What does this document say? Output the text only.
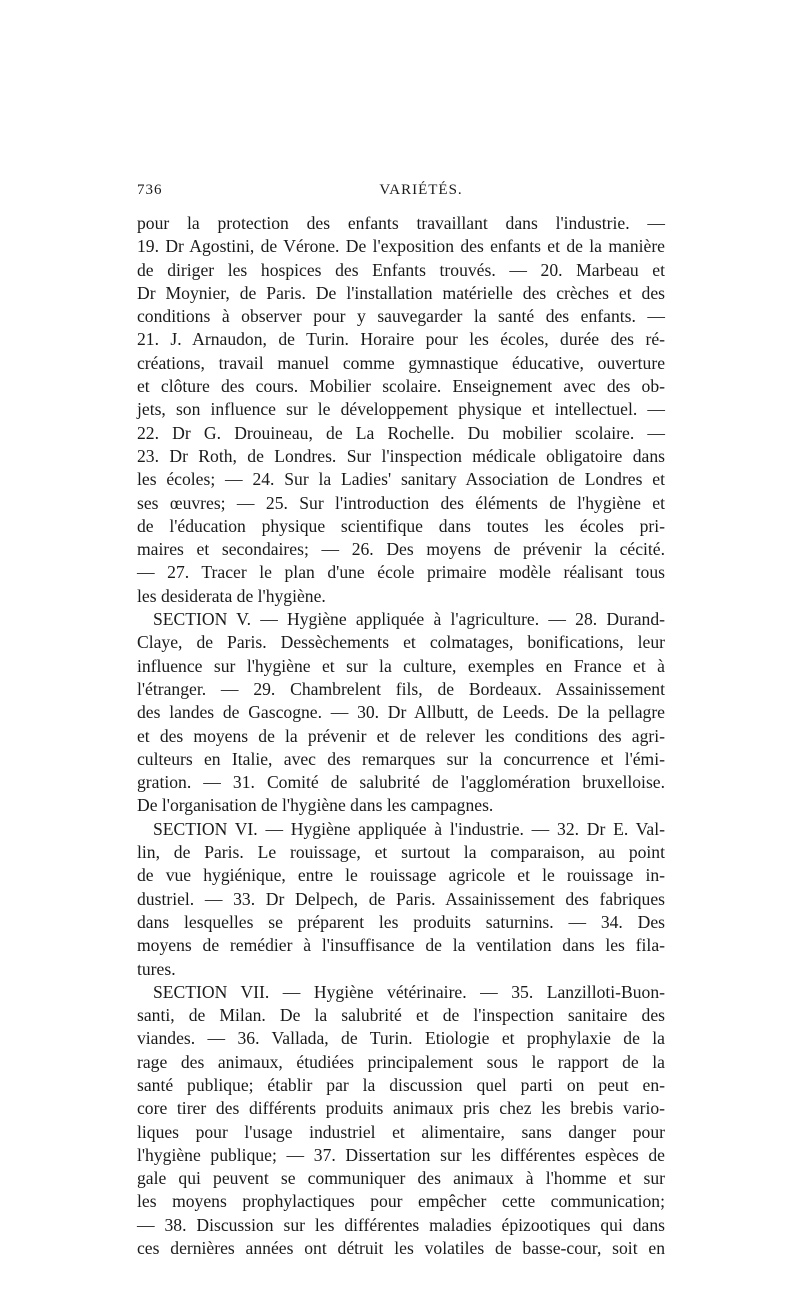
736	VARIÉTÉS.
pour la protection des enfants travaillant dans l'industrie. —
19. Dr Agostini, de Vérone. De l'exposition des enfants et de la manière
de diriger les hospices des Enfants trouvés. — 20. Marbeau et
Dr Moynier, de Paris. De l'installation matérielle des crèches et des
conditions à observer pour y sauvegarder la santé des enfants. —
21. J. Arnaudon, de Turin. Horaire pour les écoles, durée des ré-
créations, travail manuel comme gymnastique éducative, ouverture
et clôture des cours. Mobilier scolaire. Enseignement avec des ob-
jets, son influence sur le développement physique et intellectuel. —
22. Dr G. Drouineau, de La Rochelle. Du mobilier scolaire. —
23. Dr Roth, de Londres. Sur l'inspection médicale obligatoire dans
les écoles; — 24. Sur la Ladies' sanitary Association de Londres et
ses œuvres; — 25. Sur l'introduction des éléments de l'hygiène et
de l'éducation physique scientifique dans toutes les écoles pri-
maires et secondaires; — 26. Des moyens de prévenir la cécité.
— 27. Tracer le plan d'une école primaire modèle réalisant tous
les desiderata de l'hygiène.
SECTION V. — Hygiène appliquée à l'agriculture. — 28. Durand-
Claye, de Paris. Dessèchements et colmatages, bonifications, leur
influence sur l'hygiène et sur la culture, exemples en France et à
l'étranger. — 29. Chambrelent fils, de Bordeaux. Assainissement
des landes de Gascogne. — 30. Dr Allbutt, de Leeds. De la pellagre
et des moyens de la prévenir et de relever les conditions des agri-
culteurs en Italie, avec des remarques sur la concurrence et l'émi-
gration. — 31. Comité de salubrité de l'agglomération bruxelloise.
De l'organisation de l'hygiène dans les campagnes.
SECTION VI. — Hygiène appliquée à l'industrie. — 32. Dr E. Val-
lin, de Paris. Le rouissage, et surtout la comparaison, au point
de vue hygiénique, entre le rouissage agricole et le rouissage in-
dustriel. — 33. Dr Delpech, de Paris. Assainissement des fabriques
dans lesquelles se préparent les produits saturnins. — 34. Des
moyens de remédier à l'insuffisance de la ventilation dans les fila-
tures.
SECTION VII. — Hygiène vétérinaire. — 35. Lanzilloti-Buon-
santi, de Milan. De la salubrité et de l'inspection sanitaire des
viandes. — 36. Vallada, de Turin. Etiologie et prophylaxie de la
rage des animaux, étudiées principalement sous le rapport de la
santé publique; établir par la discussion quel parti on peut en-
core tirer des différents produits animaux pris chez les brebis vario-
liques pour l'usage industriel et alimentaire, sans danger pour
l'hygiène publique; — 37. Dissertation sur les différentes espèces de
gale qui peuvent se communiquer des animaux à l'homme et sur
les moyens prophylactiques pour empêcher cette communication;
— 38. Discussion sur les différentes maladies épizootiques qui dans
ces dernières années ont détruit les volatiles de basse-cour, soit en
